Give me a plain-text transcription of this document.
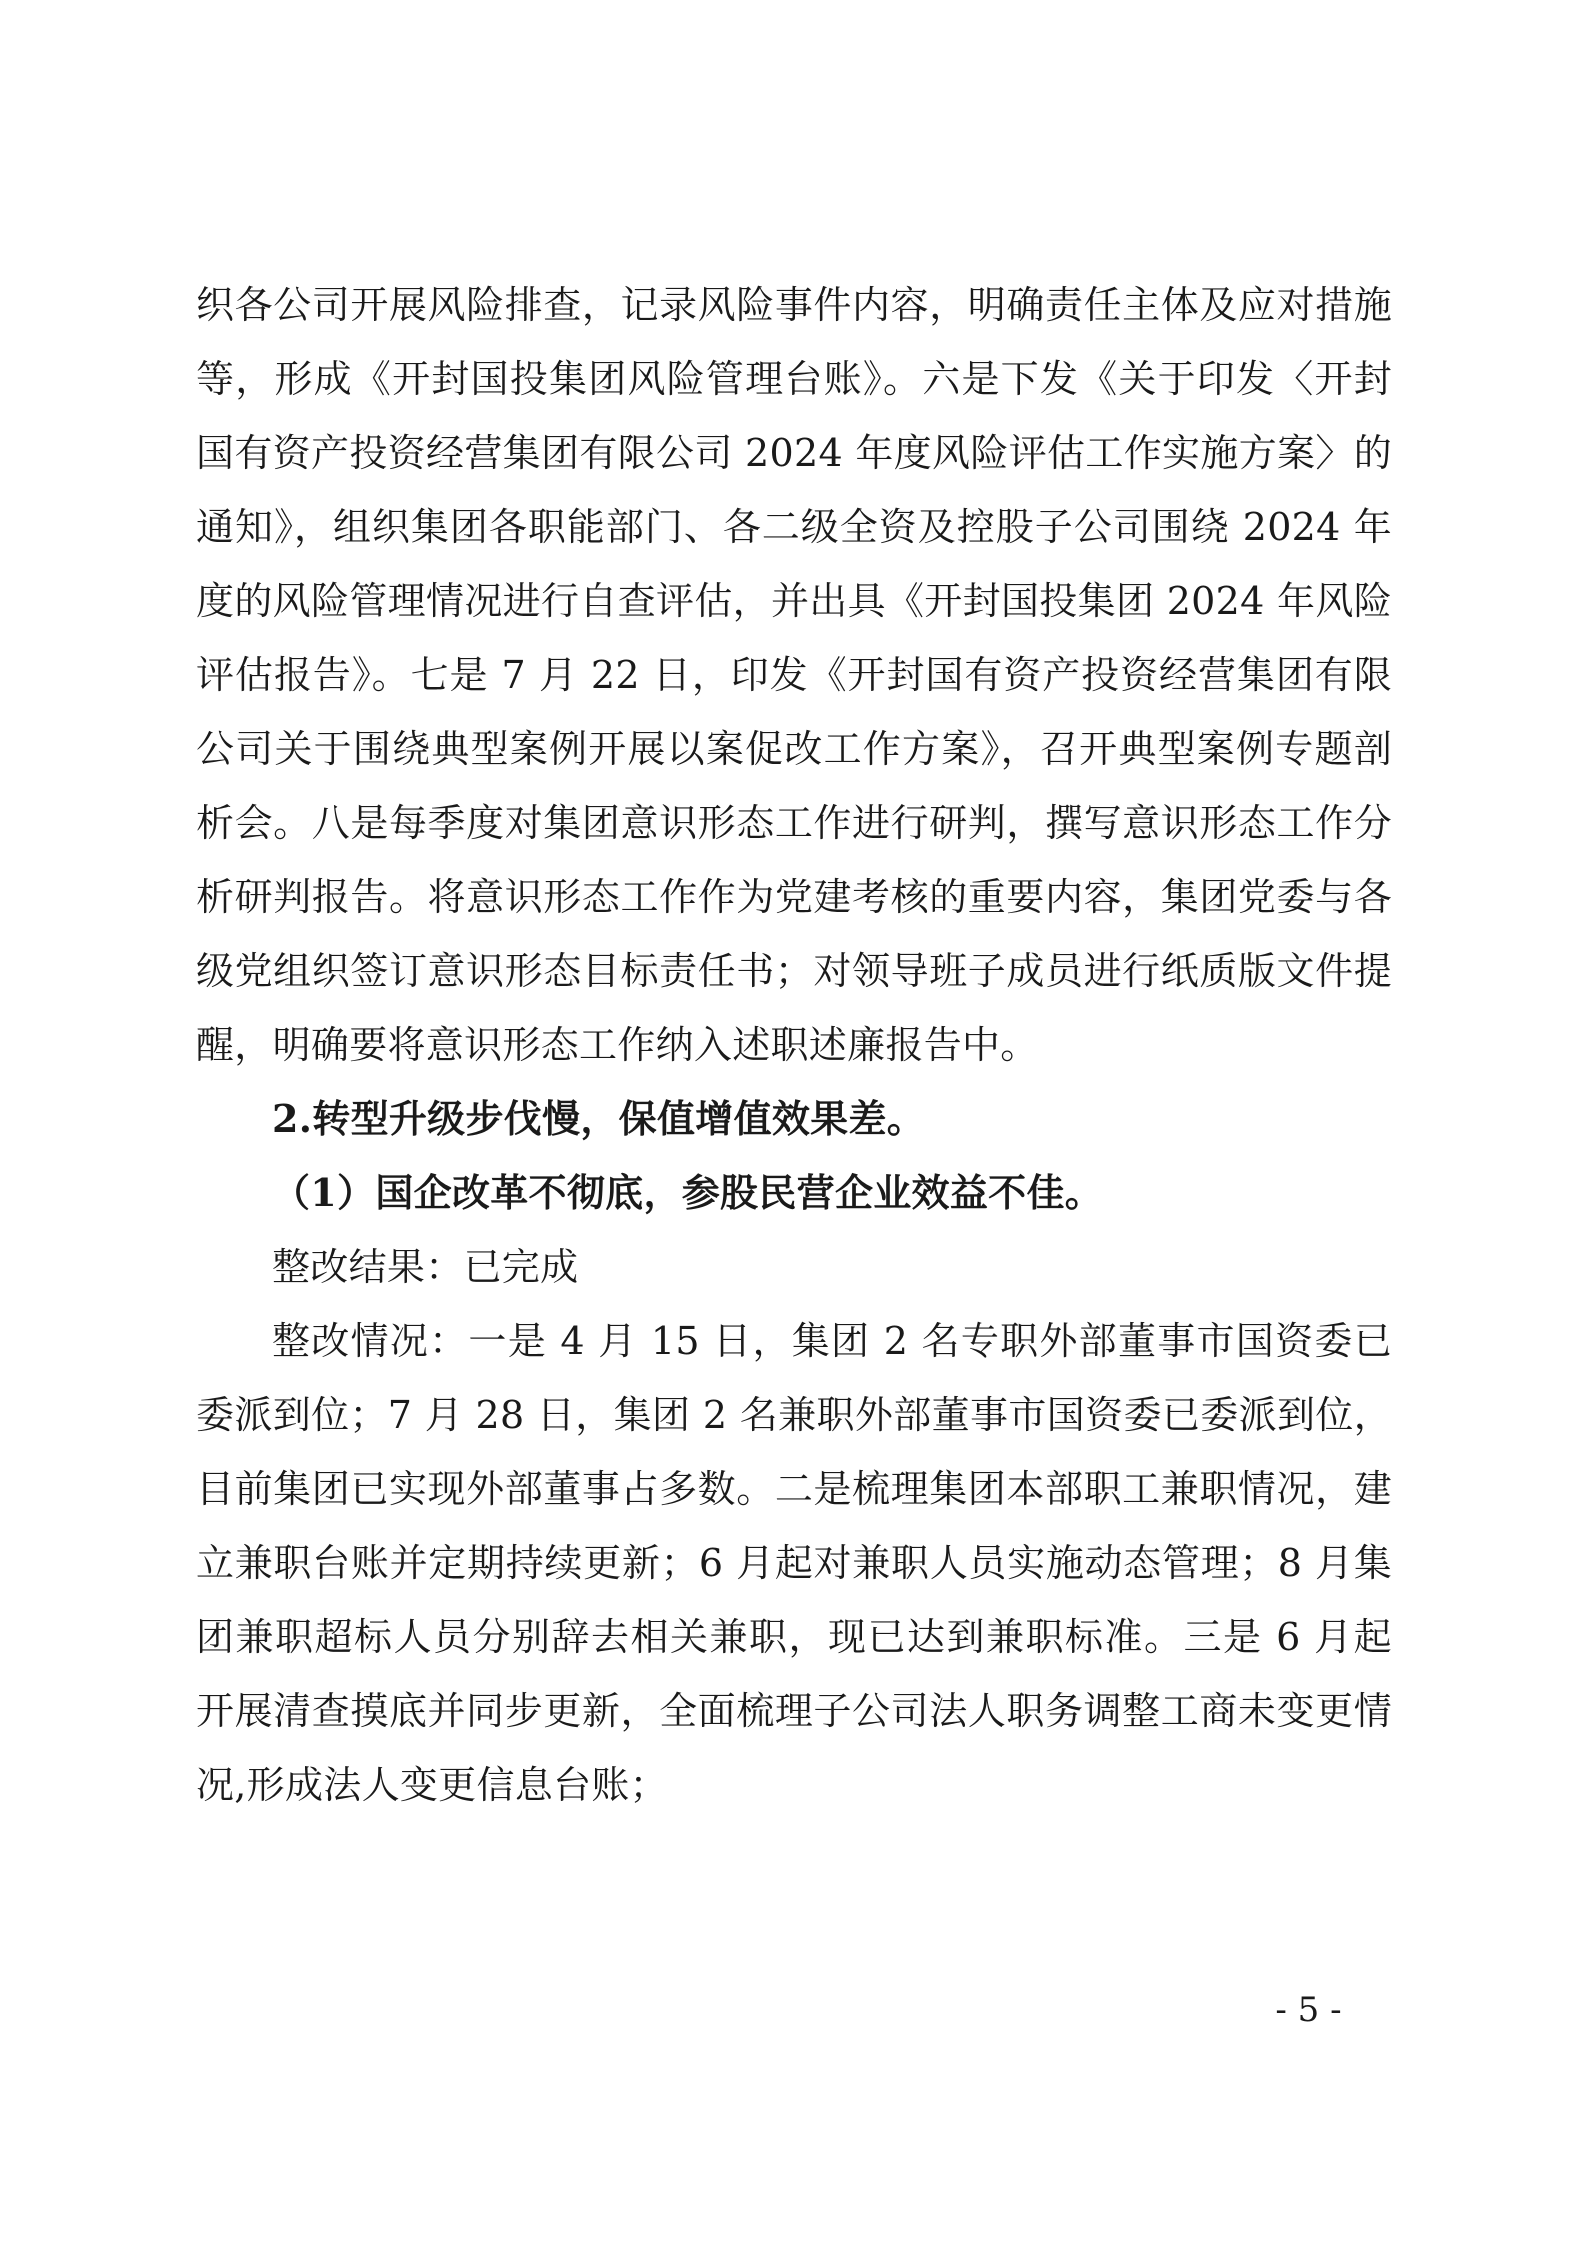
织各公司开展风险排查，记录风险事件内容，明确责任主体及应对措施等，形成《开封国投集团风险管理台账》。六是下发《关于印发〈开封国有资产投资经营集团有限公司 2024 年度风险评估工作实施方案〉的通知》，组织集团各职能部门、各二级全资及控股子公司围绕 2024 年度的风险管理情况进行自查评估，并出具《开封国投集团 2024 年风险评估报告》。七是 7 月 22 日，印发《开封国有资产投资经营集团有限公司关于围绕典型案例开展以案促改工作方案》，召开典型案例专题剖析会。八是每季度对集团意识形态工作进行研判，撰写意识形态工作分析研判报告。将意识形态工作作为党建考核的重要内容，集团党委与各级党组织签订意识形态目标责任书；对领导班子成员进行纸质版文件提醒，明确要将意识形态工作纳入述职述廉报告中。

2.转型升级步伐慢，保值增值效果差。

（1）国企改革不彻底，参股民营企业效益不佳。

整改结果：已完成

整改情况：一是 4 月 15 日，集团 2 名专职外部董事市国资委已委派到位；7 月 28 日，集团 2 名兼职外部董事市国资委已委派到位，目前集团已实现外部董事占多数。二是梳理集团本部职工兼职情况，建立兼职台账并定期持续更新；6 月起对兼职人员实施动态管理；8 月集团兼职超标人员分别辞去相关兼职，现已达到兼职标准。三是 6 月起开展清查摸底并同步更新，全面梳理子公司法人职务调整工商未变更情况,形成法人变更信息台账；

- 5 -
